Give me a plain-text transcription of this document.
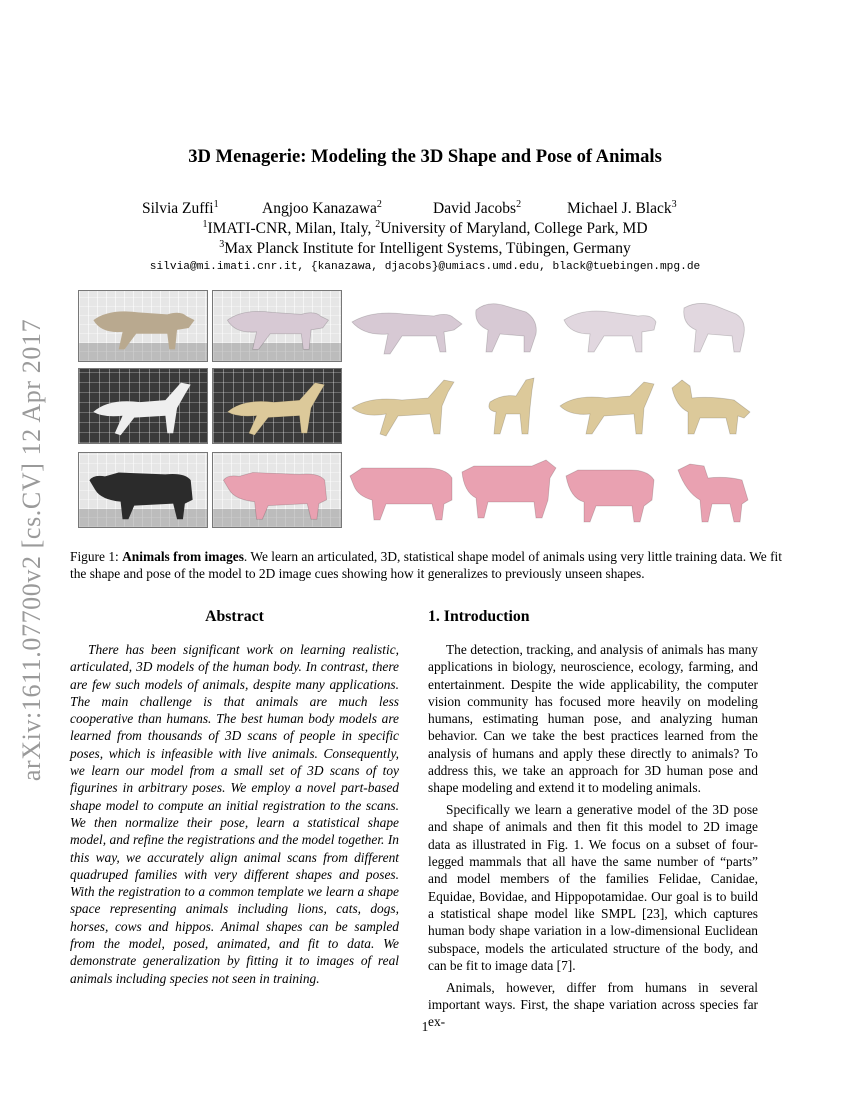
arXiv:1611.07700v2 [cs.CV] 12 Apr 2017
3D Menagerie: Modeling the 3D Shape and Pose of Animals
Silvia Zuffi$^1$	Angjoo Kanazawa$^2$	David Jacobs$^2$	Michael J. Black$^3$
$^1$IMATI-CNR, Milan, Italy, $^2$University of Maryland, College Park, MD
$^3$Max Planck Institute for Intelligent Systems, Tübingen, Germany
silvia@mi.imati.cnr.it, {kanazawa, djacobs}@umiacs.umd.edu, black@tuebingen.mpg.de
Figure 1: Animals from images. We learn an articulated, 3D, statistical shape model of animals using very little training data. We fit the shape and pose of the model to 2D image cues showing how it generalizes to previously unseen shapes.
Abstract
There has been significant work on learning realistic, articulated, 3D models of the human body. In contrast, there are few such models of animals, despite many applications. The main challenge is that animals are much less cooperative than humans. The best human body models are learned from thousands of 3D scans of people in specific poses, which is infeasible with live animals. Consequently, we learn our model from a small set of 3D scans of toy figurines in arbitrary poses. We employ a novel part-based shape model to compute an initial registration to the scans. We then normalize their pose, learn a statistical shape model, and refine the registrations and the model together. In this way, we accurately align animal scans from different quadruped families with very different shapes and poses. With the registration to a common template we learn a shape space representing animals including lions, cats, dogs, horses, cows and hippos. Animal shapes can be sampled from the model, posed, animated, and fit to data. We demonstrate generalization by fitting it to images of real animals including species not seen in training.
1. Introduction

The detection, tracking, and analysis of animals has many applications in biology, neuroscience, ecology, farming, and entertainment. Despite the wide applicability, the computer vision community has focused more heavily on modeling humans, estimating human pose, and analyzing human behavior. Can we take the best practices learned from the analysis of humans and apply these directly to animals? To address this, we take an approach for 3D human pose and shape modeling and extend it to modeling animals.

Specifically we learn a generative model of the 3D pose and shape of animals and then fit this model to 2D image data as illustrated in Fig. 1. We focus on a subset of four-legged mammals that all have the same number of “parts” and model members of the families Felidae, Canidae, Equidae, Bovidae, and Hippopotamidae. Our goal is to build a statistical shape model like SMPL [23], which captures human body shape variation in a low-dimensional Euclidean subspace, models the articulated structure of the body, and can be fit to image data [7].

Animals, however, differ from humans in several important ways. First, the shape variation across species far ex-

1
